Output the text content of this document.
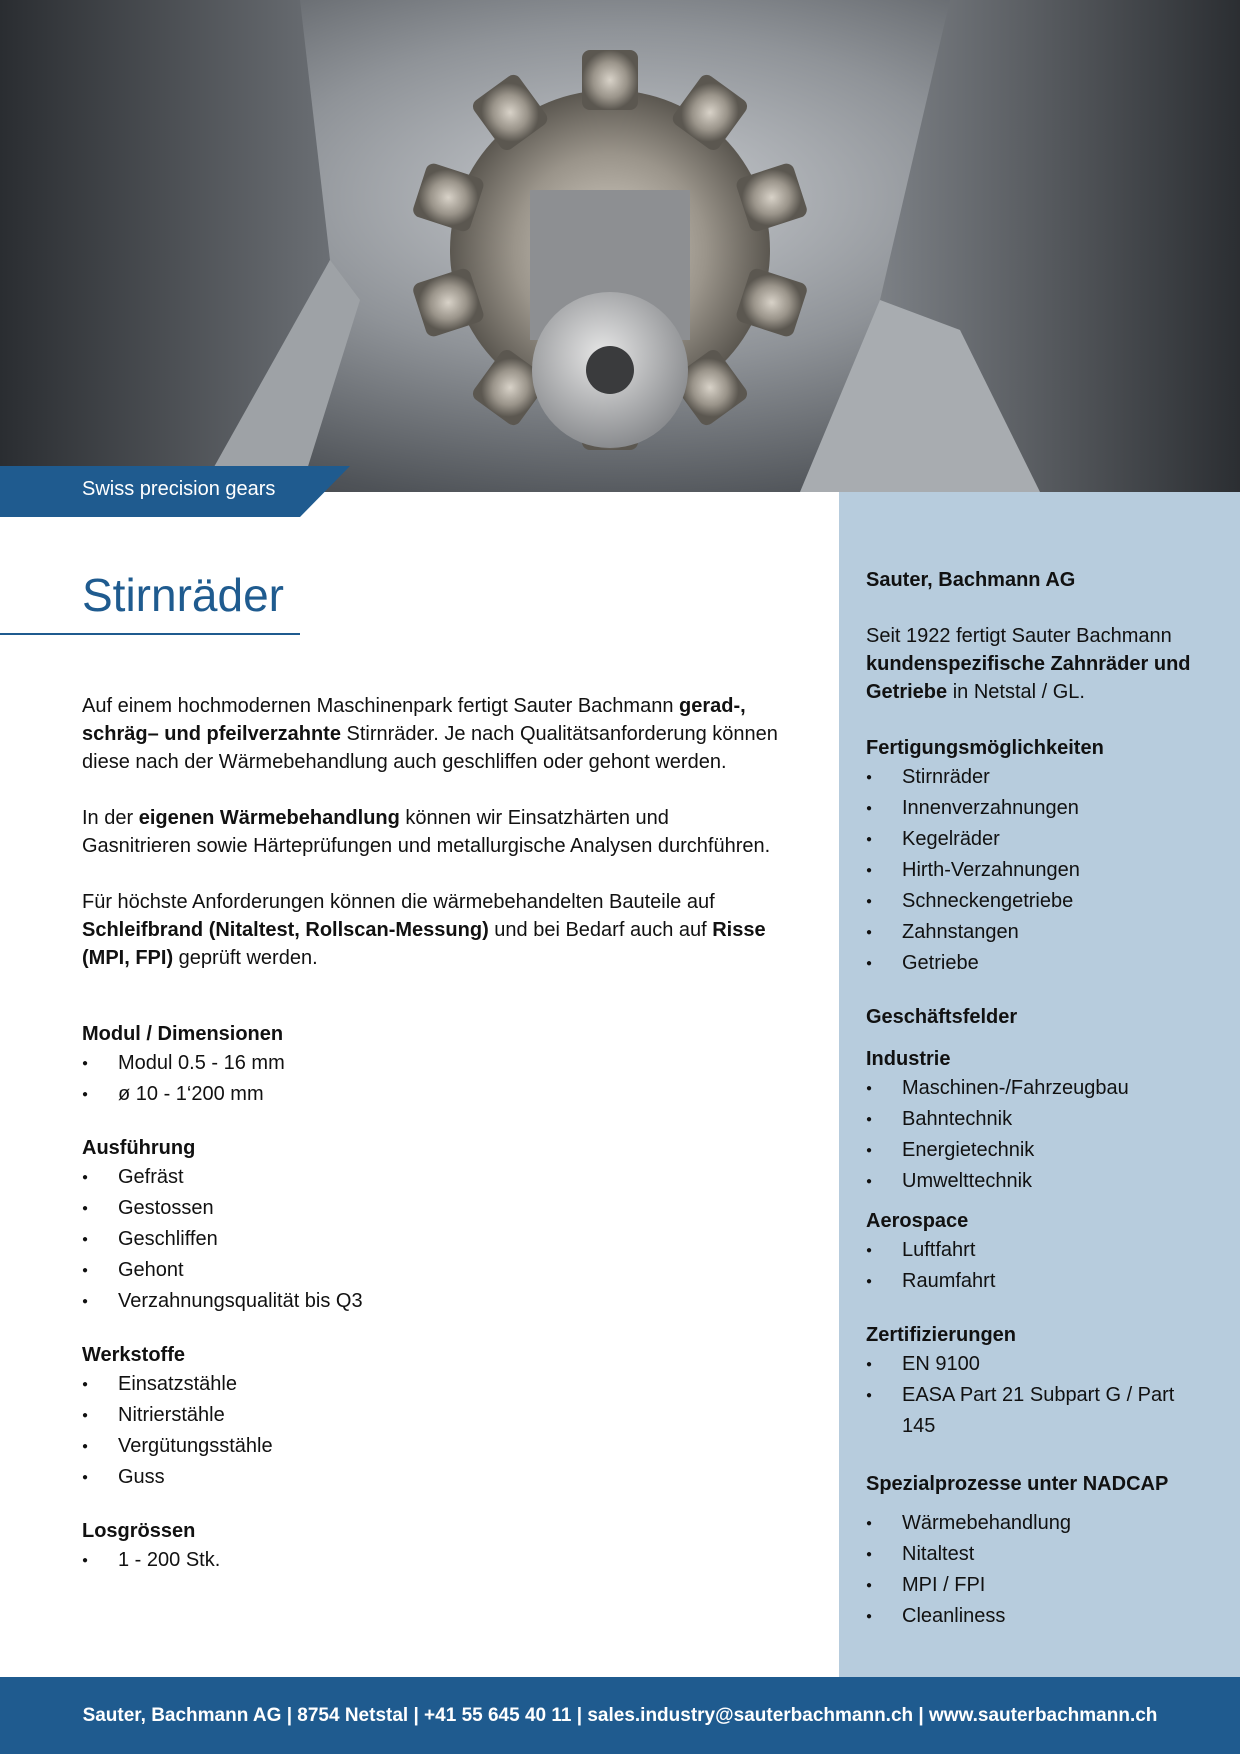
Swiss precision gears
Stirnräder

Auf einem hochmodernen Maschinenpark fertigt Sauter Bachmann gerad-, schräg– und pfeilverzahnte Stirnräder. Je nach Qualitätsanforderung können diese nach der Wärmebehandlung auch geschliffen oder gehont werden.

In der eigenen Wärmebehandlung können wir Einsatzhärten und Gasnitrieren sowie Härteprüfungen und metallurgische Analysen durchführen.

Für höchste Anforderungen können die wärmebehandelten Bauteile auf Schleifbrand (Nitaltest, Rollscan-Messung) und bei Bedarf auch auf Risse (MPI, FPI) geprüft werden.

Modul / Dimensionen

● Modul 0.5 - 16 mm
● ø 10 - 1‘200 mm

Ausführung

● Gefräst
● Gestossen
● Geschliffen
● Gehont
● Verzahnungsqualität bis Q3

Werkstoffe

● Einsatzstähle
● Nitrierstähle
● Vergütungsstähle
● Guss

Losgrössen

● 1 - 200 Stk.

Sauter, Bachmann AG

Seit 1922 fertigt Sauter Bachmann kundenspezifische Zahnräder und Getriebe in Netstal / GL.

Fertigungsmöglichkeiten

● Stirnräder
● Innenverzahnungen
● Kegelräder
● Hirth-Verzahnungen
● Schneckengetriebe
● Zahnstangen
● Getriebe

Geschäftsfelder

Industrie

● Maschinen-/Fahrzeugbau
● Bahntechnik
● Energietechnik
● Umwelttechnik

Aerospace

● Luftfahrt
● Raumfahrt

Zertifizierungen

● EN 9100
● EASA Part 21 Subpart G / Part 145

Spezialprozesse unter NADCAP

● Wärmebehandlung
● Nitaltest
● MPI / FPI
● Cleanliness
Sauter, Bachmann AG | 8754 Netstal | +41 55 645 40 11 | sales.industry@sauterbachmann.ch | www.sauterbachmann.ch
